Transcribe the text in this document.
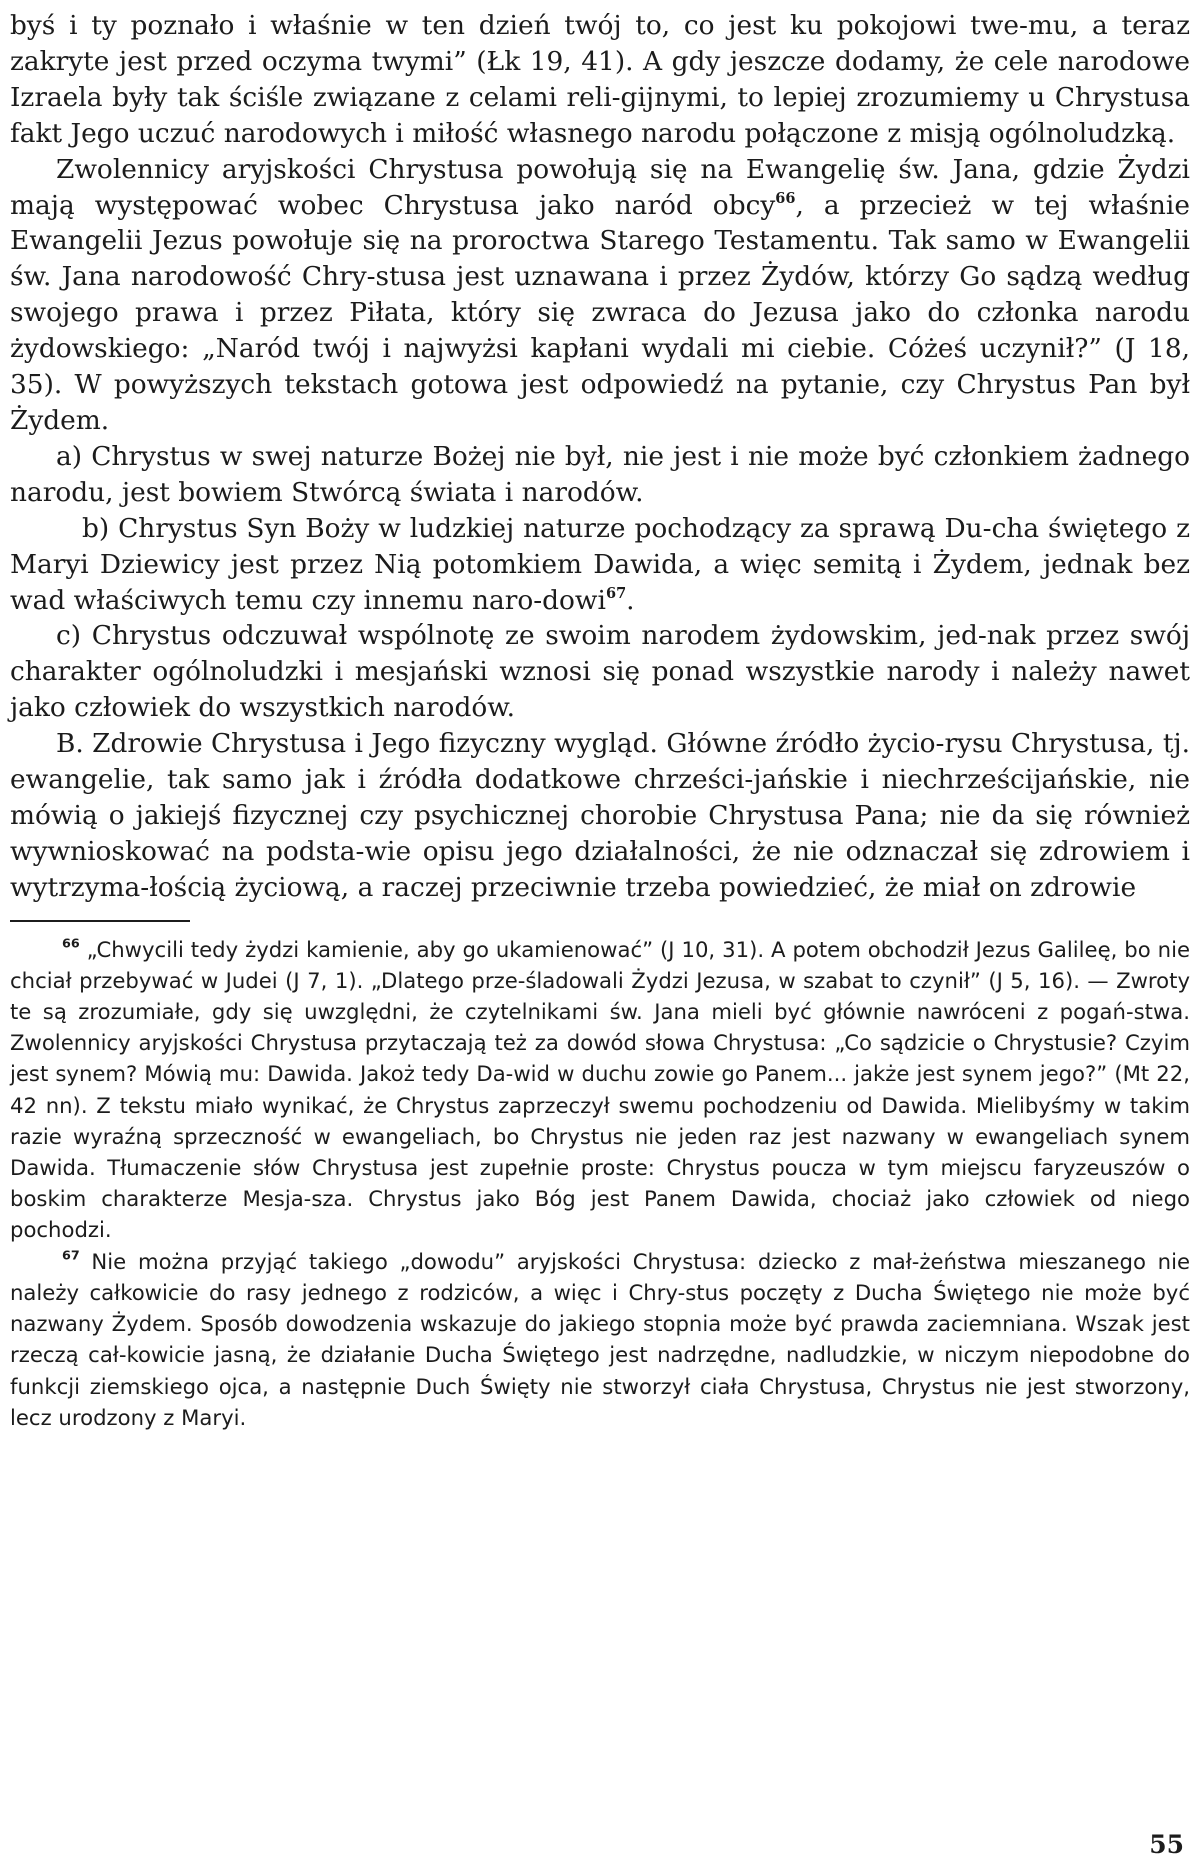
byś i ty poznało i właśnie w ten dzień twój to, co jest ku pokojowi twe-mu, a teraz zakryte jest przed oczyma twymi” (Łk 19, 41). A gdy jeszcze dodamy, że cele narodowe Izraela były tak ściśle związane z celami reli-gijnymi, to lepiej zrozumiemy u Chrystusa fakt Jego uczuć narodowych i miłość własnego narodu połączone z misją ogólnoludzką.

Zwolennicy aryjskości Chrystusa powołują się na Ewangelię św. Jana, gdzie Żydzi mają występować wobec Chrystusa jako naród obcy$^{66}$, a przecież w tej właśnie Ewangelii Jezus powołuje się na proroctwa Starego Testamentu. Tak samo w Ewangelii św. Jana narodowość Chry-stusa jest uznawana i przez Żydów, którzy Go sądzą według swojego prawa i przez Piłata, który się zwraca do Jezusa jako do członka narodu żydowskiego: „Naród twój i najwyżsi kapłani wydali mi ciebie. Cóżeś uczynił?” (J 18, 35). W powyższych tekstach gotowa jest odpowiedź na pytanie, czy Chrystus Pan był Żydem.

a) Chrystus w swej naturze Bożej nie był, nie jest i nie może być członkiem żadnego narodu, jest bowiem Stwórcą świata i narodów.

b) Chrystus Syn Boży w ludzkiej naturze pochodzący za sprawą Du-cha świętego z Maryi Dziewicy jest przez Nią potomkiem Dawida, a więc semitą i Żydem, jednak bez wad właściwych temu czy innemu naro-dowi$^{67}$.

c) Chrystus odczuwał wspólnotę ze swoim narodem żydowskim, jed-nak przez swój charakter ogólnoludzki i mesjański wznosi się ponad wszystkie narody i należy nawet jako człowiek do wszystkich narodów.

B. Zdrowie Chrystusa i Jego fizyczny wygląd. Główne źródło życio-rysu Chrystusa, tj. ewangelie, tak samo jak i źródła dodatkowe chrześci-jańskie i niechrześcijańskie, nie mówią o jakiejś fizycznej czy psychicznej chorobie Chrystusa Pana; nie da się również wywnioskować na podsta-wie opisu jego działalności, że nie odznaczał się zdrowiem i wytrzyma-łością życiową, a raczej przeciwnie trzeba powiedzieć, że miał on zdrowie

$^{66}$ „Chwycili tedy żydzi kamienie, aby go ukamienować” (J 10, 31). A potem obchodził Jezus Galileę, bo nie chciał przebywać w Judei (J 7, 1). „Dlatego prze-śladowali Żydzi Jezusa, w szabat to czynił” (J 5, 16). — Zwroty te są zrozumiałe, gdy się uwzględni, że czytelnikami św. Jana mieli być głównie nawróceni z pogań-stwa. Zwolennicy aryjskości Chrystusa przytaczają też za dowód słowa Chrystusa: „Co sądzicie o Chrystusie? Czyim jest synem? Mówią mu: Dawida. Jakoż tedy Da-wid w duchu zowie go Panem... jakże jest synem jego?” (Mt 22, 42 nn). Z tekstu miało wynikać, że Chrystus zaprzeczył swemu pochodzeniu od Dawida. Mielibyśmy w takim razie wyraźną sprzeczność w ewangeliach, bo Chrystus nie jeden raz jest nazwany w ewangeliach synem Dawida. Tłumaczenie słów Chrystusa jest zupełnie proste: Chrystus poucza w tym miejscu faryzeuszów o boskim charakterze Mesja-sza. Chrystus jako Bóg jest Panem Dawida, chociaż jako człowiek od niego pochodzi.

$^{67}$ Nie można przyjąć takiego „dowodu” aryjskości Chrystusa: dziecko z mał-żeństwa mieszanego nie należy całkowicie do rasy jednego z rodziców, a więc i Chry-stus poczęty z Ducha Świętego nie może być nazwany Żydem. Sposób dowodzenia wskazuje do jakiego stopnia może być prawda zaciemniana. Wszak jest rzeczą cał-kowicie jasną, że działanie Ducha Świętego jest nadrzędne, nadludzkie, w niczym niepodobne do funkcji ziemskiego ojca, a następnie Duch Święty nie stworzył ciała Chrystusa, Chrystus nie jest stworzony, lecz urodzony z Maryi.

55
